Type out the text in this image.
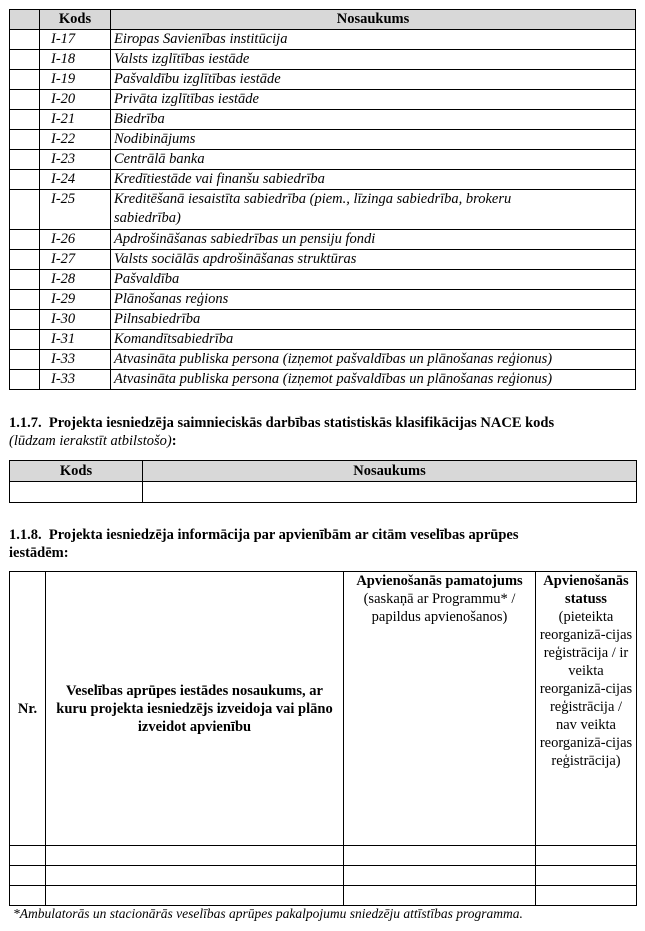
	Kods	Nosaukums
	I-17	Eiropas Savienības institūcija

	I-18	Valsts izglītības iestāde

	I-19	Pašvaldību izglītības iestāde

	I-20	Privāta izglītības iestāde

	I-21	Biedrība

	I-22	Nodibinājums

	I-23	Centrālā banka

	I-24	Kredītiestāde vai finanšu sabiedrība

	I-25	Kreditēšanā iesaistīta sabiedrība (piem., līzinga sabiedrība, brokeru
sabiedrība)

	I-26	Apdrošināšanas sabiedrības un pensiju fondi

	I-27	Valsts sociālās apdrošināšanas struktūras

	I-28	Pašvaldība

	I-29	Plānošanas reģions

	I-30	Pilnsabiedrība

	I-31	Komandītsabiedrība

	I-33	Atvasināta publiska persona (izņemot pašvaldības un plānošanas reģionus)

	I-33	Atvasināta publiska persona (izņemot pašvaldības un plānošanas reģionus)
1.1.7. Projekta iesniedzēja saimnieciskās darbības statistiskās klasifikācijas NACE kods
(lūdzam ierakstīt atbilstošo):
Kods	Nosaukums

1.1.8. Projekta iesniedzēja informācija par apvienībām ar citām veselības aprūpes
iestādēm:
Nr.	Veselības aprūpes iestādes nosaukums, ar kuru projekta iesniedzējs izveidoja vai plāno izveidot apvienību	Apvienošanās pamatojums (saskaņā ar Programmu* / papildus apvienošanos)	Apvienošanās statuss (pieteikta reorganizā-cijas reģistrācija / ir veikta reorganizā-cijas reģistrācija / nav veikta reorganizā-cijas reģistrācija)

*Ambulatorās un stacionārās veselības aprūpes pakalpojumu sniedzēju attīstības programma.
